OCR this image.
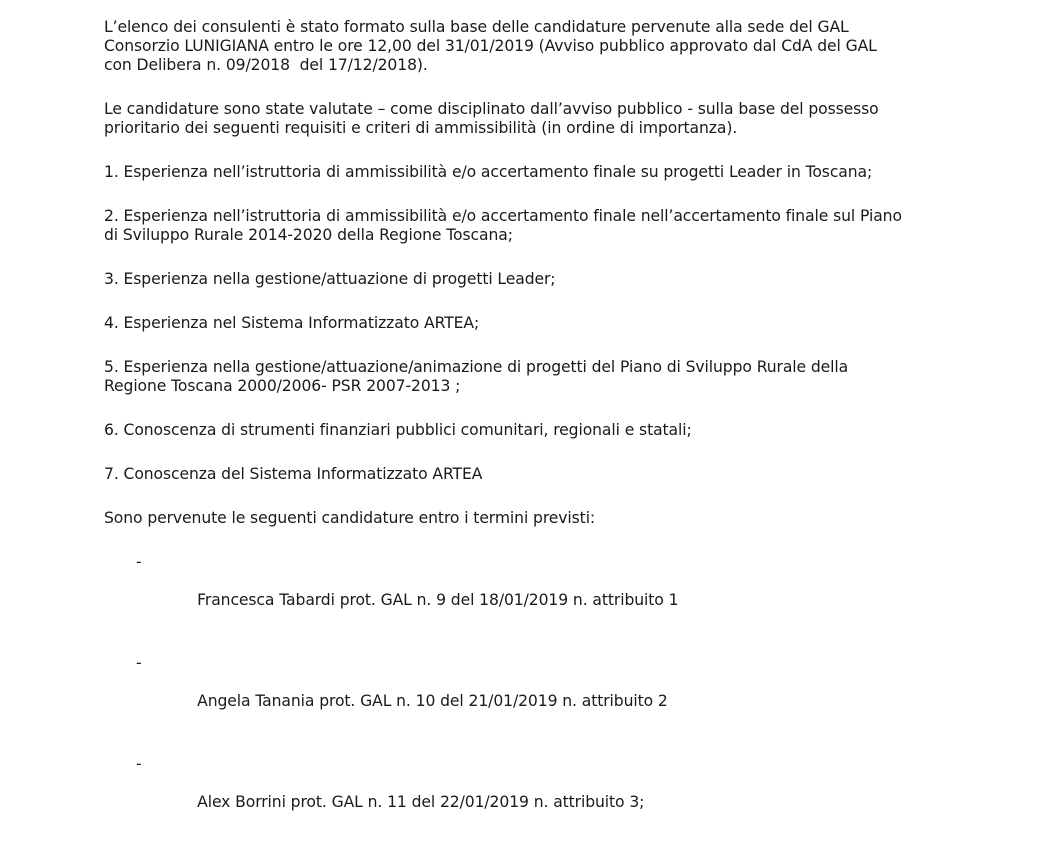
L’elenco dei consulenti è stato formato sulla base delle candidature pervenute alla sede del GAL
Consorzio LUNIGIANA entro le ore 12,00 del 31/01/2019 (Avviso pubblico approvato dal CdA del GAL
con Delibera n. 09/2018  del 17/12/2018).

Le candidature sono state valutate – come disciplinato dall’avviso pubblico - sulla base del possesso
prioritario dei seguenti requisiti e criteri di ammissibilità (in ordine di importanza).

1. Esperienza nell’istruttoria di ammissibilità e/o accertamento finale su progetti Leader in Toscana;

2. Esperienza nell’istruttoria di ammissibilità e/o accertamento finale nell’accertamento finale sul Piano
di Sviluppo Rurale 2014-2020 della Regione Toscana;

3. Esperienza nella gestione/attuazione di progetti Leader;

4. Esperienza nel Sistema Informatizzato ARTEA;

5. Esperienza nella gestione/attuazione/animazione di progetti del Piano di Sviluppo Rurale della
Regione Toscana 2000/2006- PSR 2007-2013 ;

6. Conoscenza di strumenti finanziari pubblici comunitari, regionali e statali;

7. Conoscenza del Sistema Informatizzato ARTEA

Sono pervenute le seguenti candidature entro i termini previsti:

-

Francesca Tabardi prot. GAL n. 9 del 18/01/2019 n. attribuito 1

-

Angela Tanania prot. GAL n. 10 del 21/01/2019 n. attribuito 2

-

Alex Borrini prot. GAL n. 11 del 22/01/2019 n. attribuito 3;
